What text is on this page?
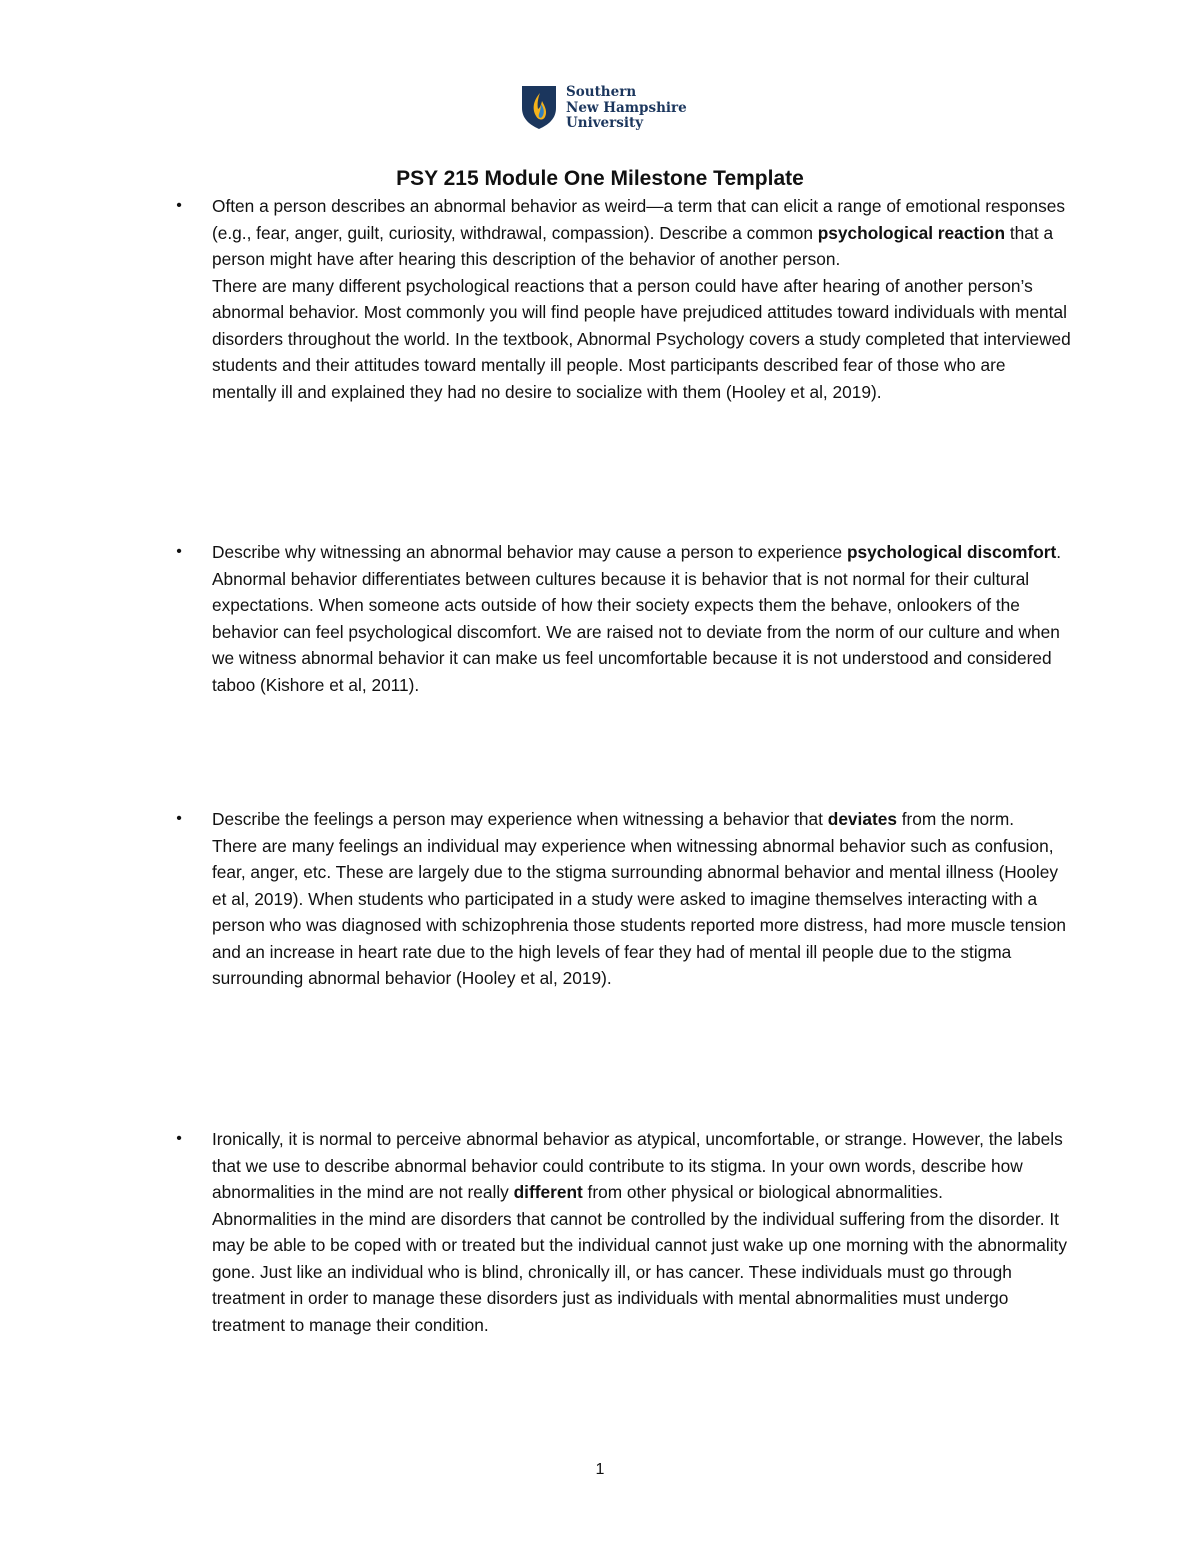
Southern
New Hampshire
University
PSY 215 Module One Milestone Template
• Often a person describes an abnormal behavior as weird—a term that can elicit a range of emotional responses (e.g., fear, anger, guilt, curiosity, withdrawal, compassion). Describe a common psychological reaction that a person might have after hearing this description of the behavior of another person.

There are many different psychological reactions that a person could have after hearing of another person’s abnormal behavior. Most commonly you will find people have prejudiced attitudes toward individuals with mental disorders throughout the world. In the textbook, Abnormal Psychology covers a study completed that interviewed students and their attitudes toward mentally ill people. Most participants described fear of those who are mentally ill and explained they had no desire to socialize with them (Hooley et al, 2019).

• Describe why witnessing an abnormal behavior may cause a person to experience psychological discomfort.

Abnormal behavior differentiates between cultures because it is behavior that is not normal for their cultural expectations. When someone acts outside of how their society expects them the behave, onlookers of the behavior can feel psychological discomfort. We are raised not to deviate from the norm of our culture and when we witness abnormal behavior it can make us feel uncomfortable because it is not understood and considered taboo (Kishore et al, 2011).

• Describe the feelings a person may experience when witnessing a behavior that deviates from the norm.

There are many feelings an individual may experience when witnessing abnormal behavior such as confusion, fear, anger, etc. These are largely due to the stigma surrounding abnormal behavior and mental illness (Hooley et al, 2019). When students who participated in a study were asked to imagine themselves interacting with a person who was diagnosed with schizophrenia those students reported more distress, had more muscle tension and an increase in heart rate due to the high levels of fear they had of mental ill people due to the stigma surrounding abnormal behavior (Hooley et al, 2019).

• Ironically, it is normal to perceive abnormal behavior as atypical, uncomfortable, or strange. However, the labels that we use to describe abnormal behavior could contribute to its stigma. In your own words, describe how abnormalities in the mind are not really different from other physical or biological abnormalities.

Abnormalities in the mind are disorders that cannot be controlled by the individual suffering from the disorder. It may be able to be coped with or treated but the individual cannot just wake up one morning with the abnormality gone. Just like an individual who is blind, chronically ill, or has cancer. These individuals must go through treatment in order to manage these disorders just as individuals with mental abnormalities must undergo treatment to manage their condition.

1
